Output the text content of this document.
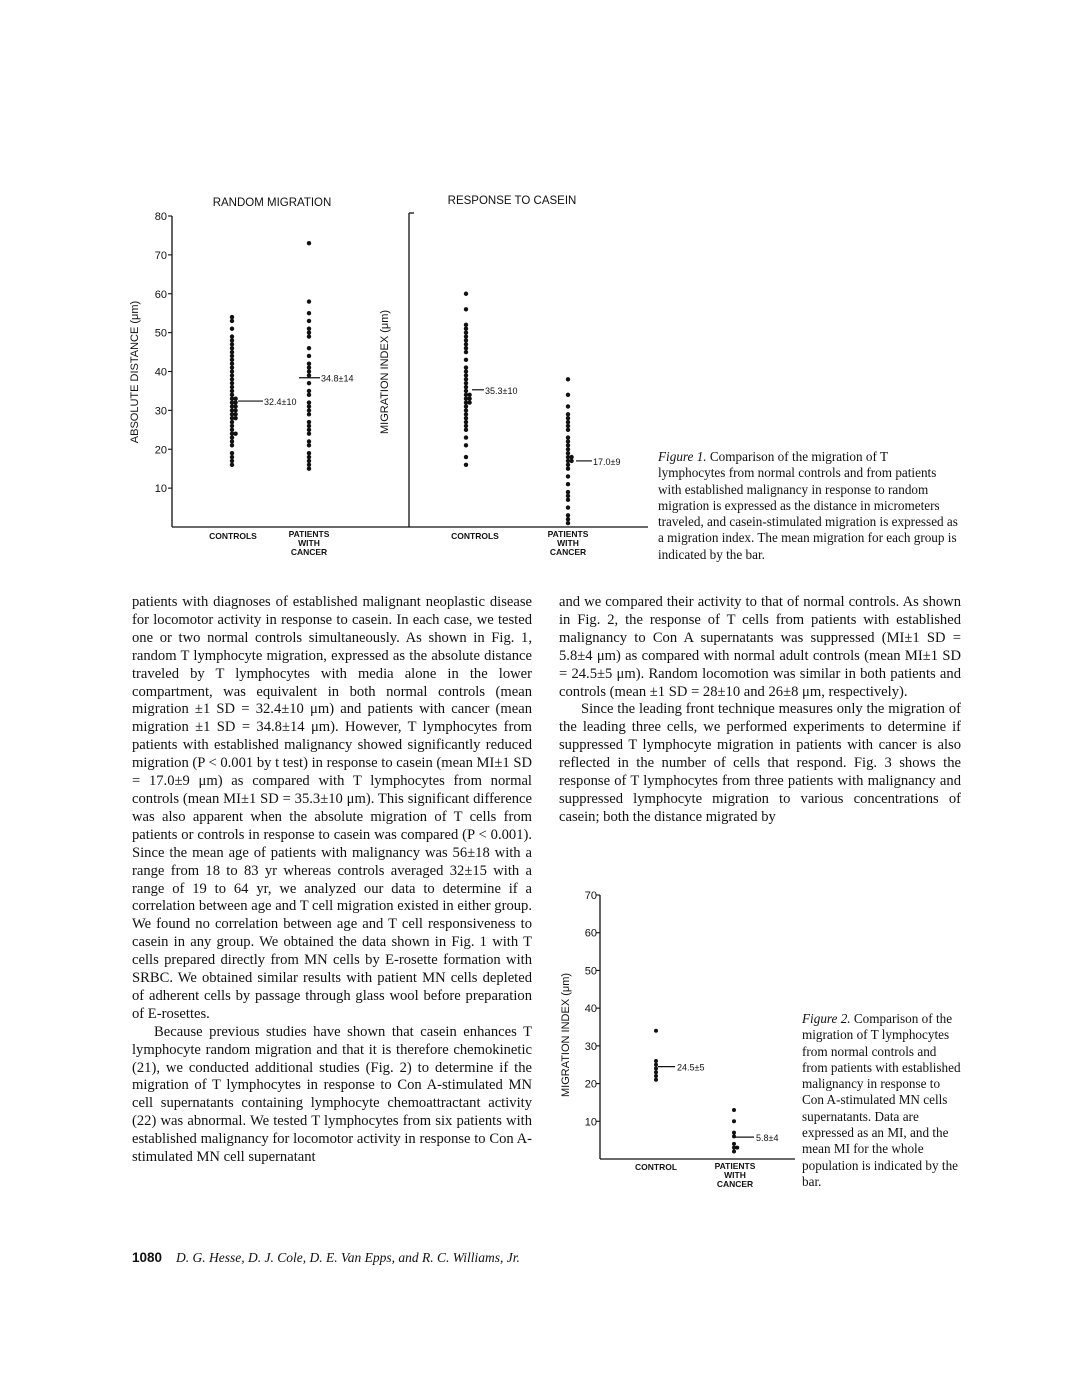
RANDOM MIGRATION	RESPONSE TO CASEIN
ABSOLUTE DISTANCE (μm)	MIGRATION INDEX (μm)
10
20
30
40
50
60
70
80
32.4±10
34.8±14
35.3±10
17.0±9
CONTROLS	PATIENTS
WITH
CANCER
CONTROLS	PATIENTS
WITH
CANCER
Figure 1. Comparison of the migration of T lymphocytes from normal controls and from patients with established malignancy in response to random migration is expressed as the distance in micrometers traveled, and casein-stimulated migration is expressed as a migration index. The mean migration for each group is indicated by the bar.

patients with diagnoses of established malignant neoplastic disease for locomotor activity in response to casein. In each case, we tested one or two normal controls simultaneously. As shown in Fig. 1, random T lymphocyte migration, expressed as the absolute distance traveled by T lymphocytes with media alone in the lower compartment, was equivalent in both normal controls (mean migration ±1 SD = 32.4±10 μm) and patients with cancer (mean migration ±1 SD = 34.8±14 μm). However, T lymphocytes from patients with established malignancy showed significantly reduced migration (P < 0.001 by t test) in response to casein (mean MI±1 SD = 17.0±9 μm) as compared with T lymphocytes from normal controls (mean MI±1 SD = 35.3±10 μm). This significant difference was also apparent when the absolute migration of T cells from patients or controls in response to casein was compared (P < 0.001). Since the mean age of patients with malignancy was 56±18 with a range from 18 to 83 yr whereas controls averaged 32±15 with a range of 19 to 64 yr, we analyzed our data to determine if a correlation between age and T cell migration existed in either group. We found no correlation between age and T cell responsiveness to casein in any group. We obtained the data shown in Fig. 1 with T cells prepared directly from MN cells by E-rosette formation with SRBC. We obtained similar results with patient MN cells depleted of adherent cells by passage through glass wool before preparation of E-rosettes.

Because previous studies have shown that casein enhances T lymphocyte random migration and that it is therefore chemokinetic (21), we conducted additional studies (Fig. 2) to determine if the migration of T lymphocytes in response to Con A-stimulated MN cell supernatants containing lymphocyte chemoattractant activity (22) was abnormal. We tested T lymphocytes from six patients with established malignancy for locomotor activity in response to Con A-stimulated MN cell supernatant

and we compared their activity to that of normal controls. As shown in Fig. 2, the response of T cells from patients with established malignancy to Con A supernatants was suppressed (MI±1 SD = 5.8±4 μm) as compared with normal adult controls (mean MI±1 SD = 24.5±5 μm). Random locomotion was similar in both patients and controls (mean ±1 SD = 28±10 and 26±8 μm, respectively).

Since the leading front technique measures only the migration of the leading three cells, we performed experiments to determine if suppressed T lymphocyte migration in patients with cancer is also reflected in the number of cells that respond. Fig. 3 shows the response of T lymphocytes from three patients with malignancy and suppressed lymphocyte migration to various concentrations of casein; both the distance migrated by

MIGRATION INDEX (μm)
10
20
30
40
50
60
70
24.5±5
5.8±4
CONTROL	PATIENTS
WITH
CANCER
Figure 2. Comparison of the migration of T lymphocytes from normal controls and from patients with established malignancy in response to Con A-stimulated MN cells supernatants. Data are expressed as an MI, and the mean MI for the whole population is indicated by the bar.
1080 D. G. Hesse, D. J. Cole, D. E. Van Epps, and R. C. Williams, Jr.
